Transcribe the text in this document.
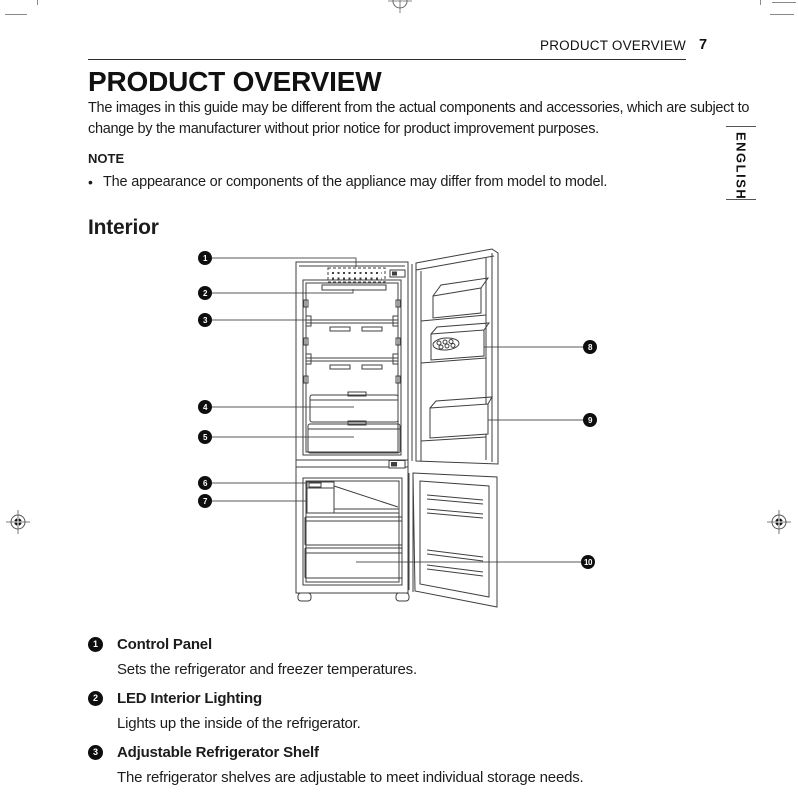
PRODUCT OVERVIEW 7
ENGLISH
PRODUCT OVERVIEW
The images in this guide may be different from the actual components and accessories, which are subject to change by the manufacturer without prior notice for product improvement purposes.
NOTE
• The appearance or components of the appliance may differ from model to model.
Interior
1
2
3
4
5
6
7
8
9
10
1	Control Panel
Sets the refrigerator and freezer temperatures.
2	LED Interior Lighting
Lights up the inside of the refrigerator.
3	Adjustable Refrigerator Shelf
The refrigerator shelves are adjustable to meet individual storage needs.
